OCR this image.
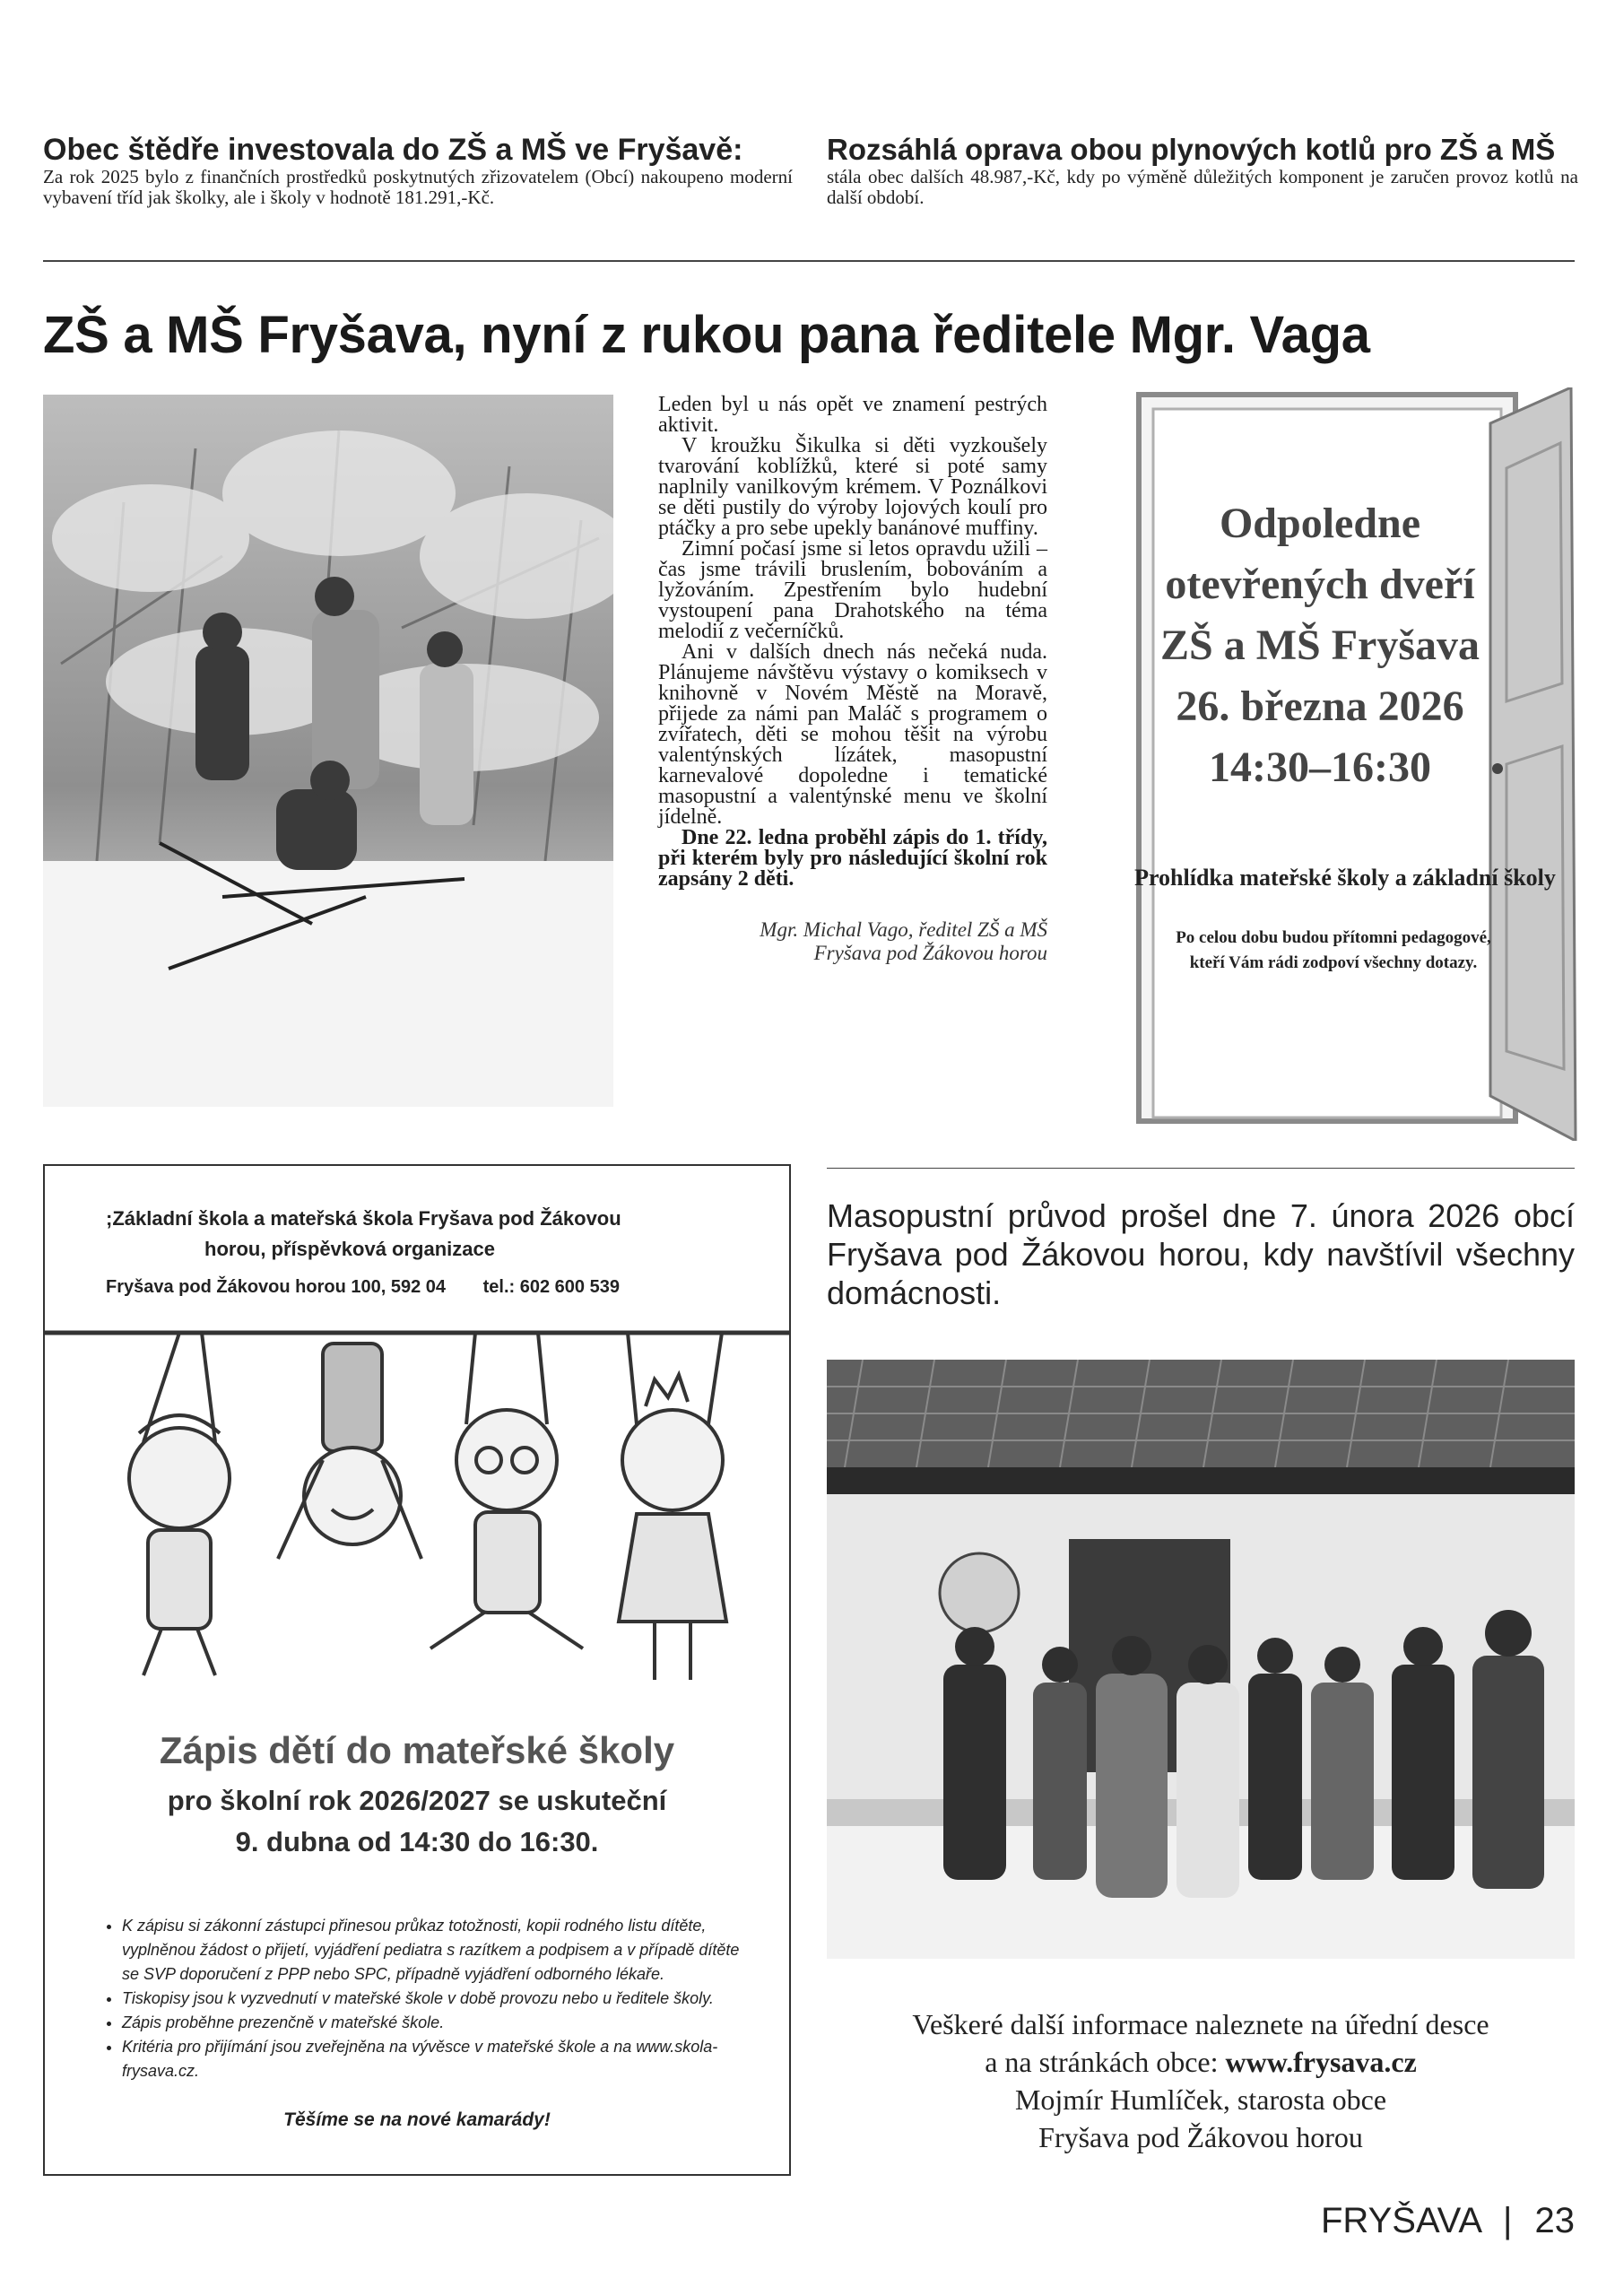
Obec štědře investovala do ZŠ a MŠ ve Fryšavě:
Za rok 2025 bylo z finančních prostředků poskytnutých zřizovatelem (Obcí) nakoupeno moderní vybavení tříd jak školky, ale i školy v hodnotě 181.291,-Kč.
Rozsáhlá oprava obou plynových kotlů pro ZŠ a MŠ
stála obec dalších 48.987,-Kč, kdy po výměně důležitých komponent je zaručen provoz kotlů na další období.
ZŠ a MŠ Fryšava, nyní z rukou pana ředitele Mgr. Vaga

Leden byl u nás opět ve znamení pestrých aktivit.

V kroužku Šikulka si děti vyzkoušely tvarování koblížků, které si poté samy naplnily vanilkovým krémem. V Poználkovi se děti pustily do výroby lojových koulí pro ptáčky a pro sebe upekly banánové muffiny.

Zimní počasí jsme si letos opravdu užili – čas jsme trávili bruslením, bobováním a lyžováním. Zpestřením bylo hudební vystoupení pana Drahotského na téma melodií z večerníčků.

Ani v dalších dnech nás nečeká nuda. Plánujeme návštěvu výstavy o komiksech v knihovně v Novém Městě na Moravě, přijede za námi pan Maláč s programem o zvířatech, děti se mohou těšit na výrobu valentýnských lízátek, masopustní karnevalové dopoledne i tematické masopustní a valentýnské menu ve školní jídelně.

Dne 22. ledna proběhl zápis do 1. třídy, při kterém byly pro následující školní rok zapsány 2 děti.

Mgr. Michal Vago, ředitel ZŠ a MŠ
Fryšava pod Žákovou horou
Odpoledne
otevřených dveří
ZŠ a MŠ Fryšava
26. března 2026
14:30–16:30
Prohlídka mateřské školy a základní školy
Po celou dobu budou přítomni pedagogové,
kteří Vám rádi zodpoví všechny dotazy.
;Základní škola a mateřská škola Fryšava pod Žákovou
horou, příspěvková organizace
Fryšava pod Žákovou horou 100, 592 04 tel.: 602 600 539
Zápis dětí do mateřské školy
pro školní rok 2026/2027 se uskuteční
9. dubna od 14:30 do 16:30.
• K zápisu si zákonní zástupci přinesou průkaz totožnosti, kopii rodného listu dítěte, vyplněnou žádost o přijetí, vyjádření pediatra s razítkem a podpisem a v případě dítěte se SVP doporučení z PPP nebo SPC, případně vyjádření odborného lékaře.
• Tiskopisy jsou k vyzvednutí v mateřské škole v době provozu nebo u ředitele školy.
• Zápis proběhne prezenčně v mateřské škole.
• Kritéria pro přijímání jsou zveřejněna na vývěsce v mateřské škole a na www.skola-frysava.cz.
Těšíme se na nové kamarády!
Masopustní průvod prošel dne 7. února 2026 obcí Fryšava pod Žákovou horou, kdy navštívil všechny domácnosti.
Veškeré další informace naleznete na úřední desce
a na stránkách obce: www.frysava.cz
Mojmír Humlíček, starosta obce
Fryšava pod Žákovou horou
FRYŠAVA | 23
